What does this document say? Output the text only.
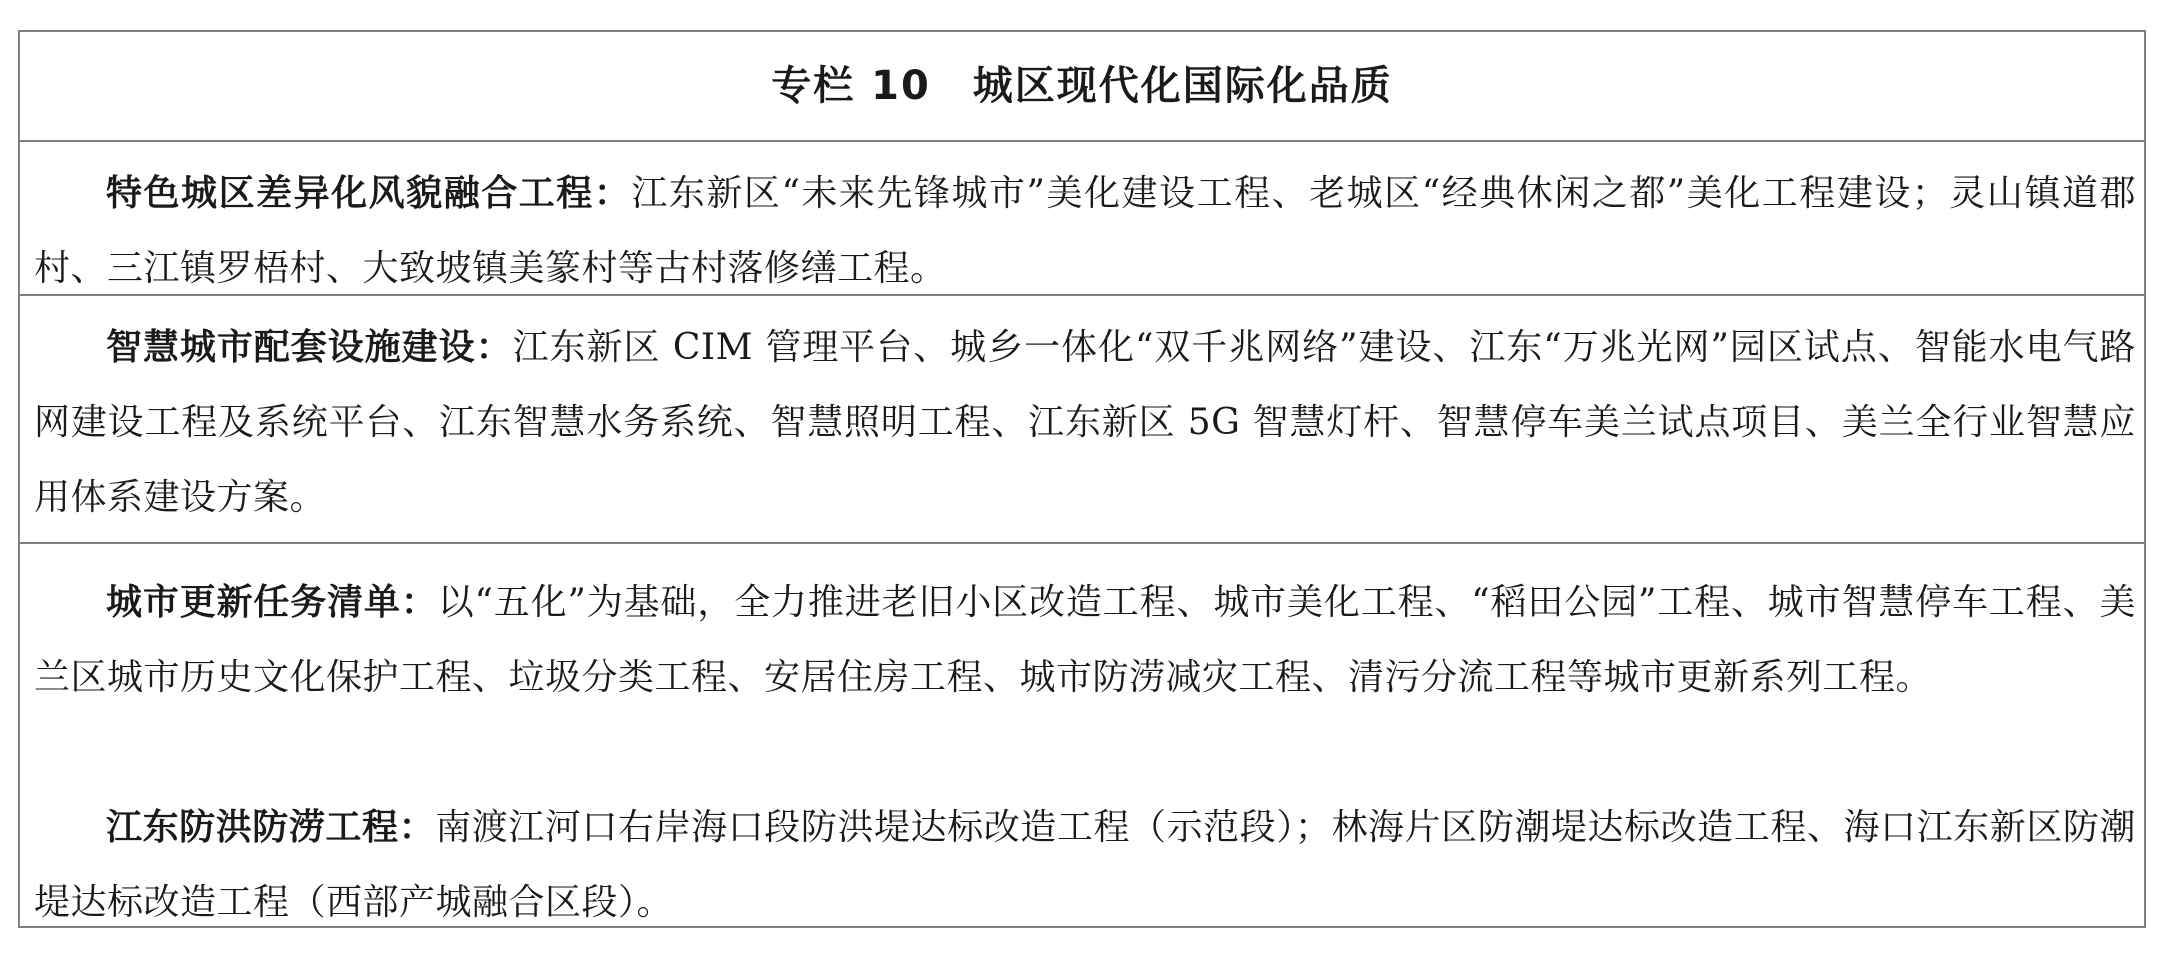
专栏 10　城区现代化国际化品质

特色城区差异化风貌融合工程：江东新区“未来先锋城市”美化建设工程、老城区“经典休闲之都”美化工程建设；灵山镇道郡村、三江镇罗梧村、大致坡镇美篆村等古村落修缮工程。

智慧城市配套设施建设：江东新区 CIM 管理平台、城乡一体化“双千兆网络”建设、江东“万兆光网”园区试点、智能水电气路网建设工程及系统平台、江东智慧水务系统、智慧照明工程、江东新区 5G 智慧灯杆、智慧停车美兰试点项目、美兰全行业智慧应用体系建设方案。

城市更新任务清单：以“五化”为基础，全力推进老旧小区改造工程、城市美化工程、“稻田公园”工程、城市智慧停车工程、美兰区城市历史文化保护工程、垃圾分类工程、安居住房工程、城市防涝减灾工程、清污分流工程等城市更新系列工程。

江东防洪防涝工程：南渡江河口右岸海口段防洪堤达标改造工程（示范段）；林海片区防潮堤达标改造工程、海口江东新区防潮堤达标改造工程（西部产城融合区段）。
